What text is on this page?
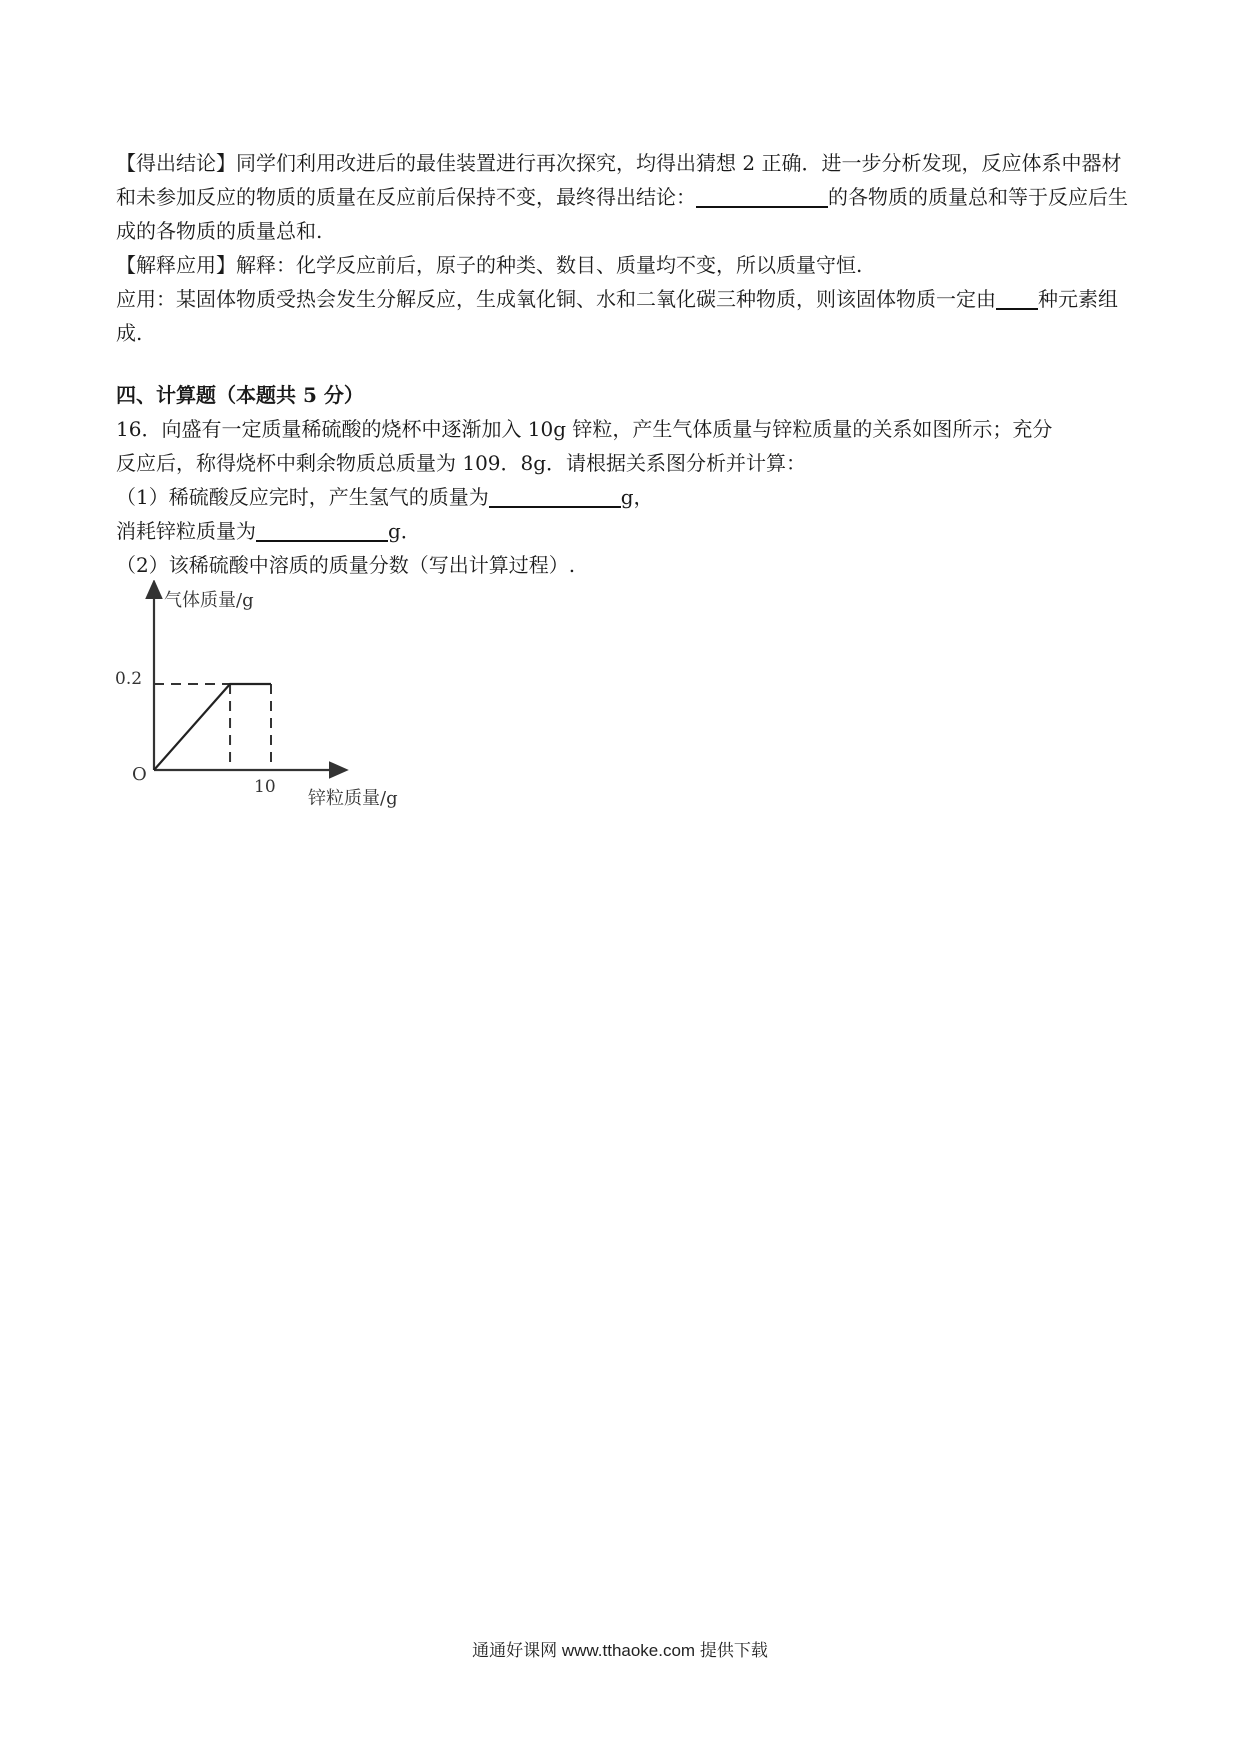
【得出结论】同学们利用改进后的最佳装置进行再次探究，均得出猜想 2 正确．进一步分析发现，反应体系中器材和未参加反应的物质的质量在反应前后保持不变，最终得出结论：	的各物质的质量总和等于反应后生成的各物质的质量总和.

【解释应用】解释：化学反应前后，原子的种类、数目、质量均不变，所以质量守恒.

应用：某固体物质受热会发生分解反应，生成氧化铜、水和二氧化碳三种物质，则该固体物质一定由 种元素组成.

四、计算题（本题共 5 分）
16．向盛有一定质量稀硫酸的烧杯中逐渐加入 10g 锌粒，产生气体质量与锌粒质量的关系如图所示；充分
反应后，称得烧杯中剩余物质总质量为 109．8g．请根据关系图分析并计算：
（1）稀硫酸反应完时，产生氢气的质量为	g，
消耗锌粒质量为	g．
（2）该稀硫酸中溶质的质量分数（写出计算过程）.
气体质量/g
锌粒质量/g
O
10
0.2
通通好课网 www.tthaoke.com 提供下载
